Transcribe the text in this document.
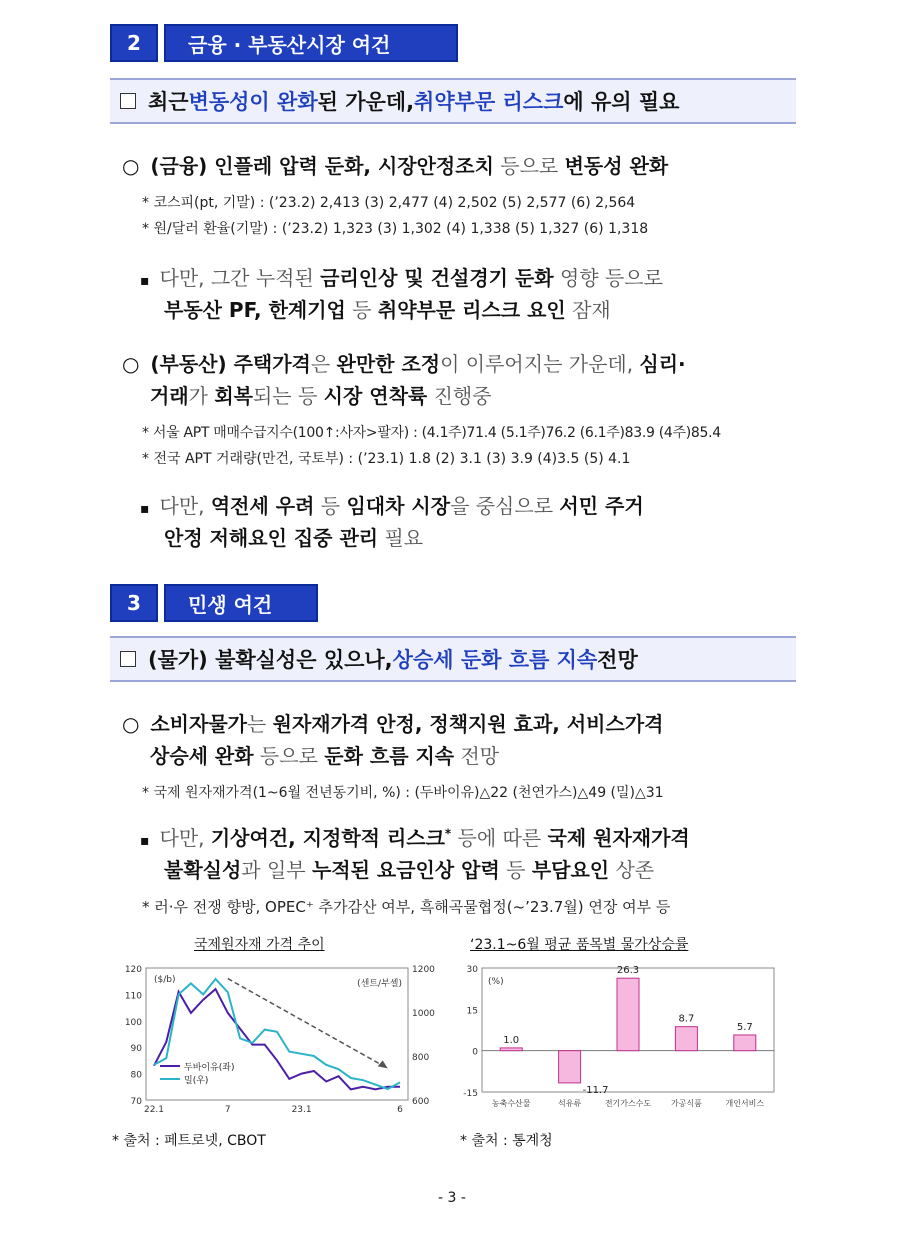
2	금융 · 부동산시장 여건
최근 변동성이 완화 된 가운데, 취약부문 리스크 에 유의 필요
○ (금융) 인플레 압력 둔화, 시장안정조치 등으로 변동성 완화
* 코스피(pt, 기말) : (’23.2) 2,413 (3) 2,477 (4) 2,502 (5) 2,577 (6) 2,564
* 원/달러 환율(기말) : (’23.2) 1,323 (3) 1,302 (4) 1,338 (5) 1,327 (6) 1,318
▪ 다만, 그간 누적된 금리인상 및 건설경기 둔화 영향 등으로
부동산 PF, 한계기업 등 취약부문 리스크 요인 잠재
○ (부동산) 주택가격은 완만한 조정이 이루어지는 가운데, 심리·
거래가 회복되는 등 시장 연착륙 진행중
* 서울 APT 매매수급지수(100↑:사자>팔자) : (4.1주)71.4 (5.1주)76.2 (6.1주)83.9 (4주)85.4
* 전국 APT 거래량(만건, 국토부) : (’23.1) 1.8 (2) 3.1 (3) 3.9 (4)3.5 (5) 4.1
▪ 다만, 역전세 우려 등 임대차 시장을 중심으로 서민 주거
안정 저해요인 집중 관리 필요
3	민생 여건
(물가) 불확실성은 있으나, 상승세 둔화 흐름 지속 전망
○ 소비자물가는 원자재가격 안정, 정책지원 효과, 서비스가격
상승세 완화 등으로 둔화 흐름 지속 전망
* 국제 원자재가격(1~6월 전년동기비, %) : (두바이유)△22 (천연가스)△49 (밀)△31
▪ 다만, 기상여건, 지정학적 리스크* 등에 따른 국제 원자재가격
불확실성과 일부 누적된 요금인상 압력 등 부담요인 상존
* 러·우 전쟁 향방, OPEC⁺ 추가감산 여부, 흑해곡물협정(~’23.7월) 연장 여부 등
국제원자재 가격 추이	‘23.1~6월 평균 품목별 물가상승률
70
80
90
100
110
120
600
800
1000
1200
22.1	7	23.1	6
($/b)	(센트/부셸)
두바이유(좌)
밀(우)
-15
0
15
30
(%)
1.0
농축수산물
-11.7
석유류
26.3
전기가스수도
8.7
가공식품
5.7
개인서비스
* 출처 : 페트로넷, CBOT	* 출처 : 통계청
- 3 -
